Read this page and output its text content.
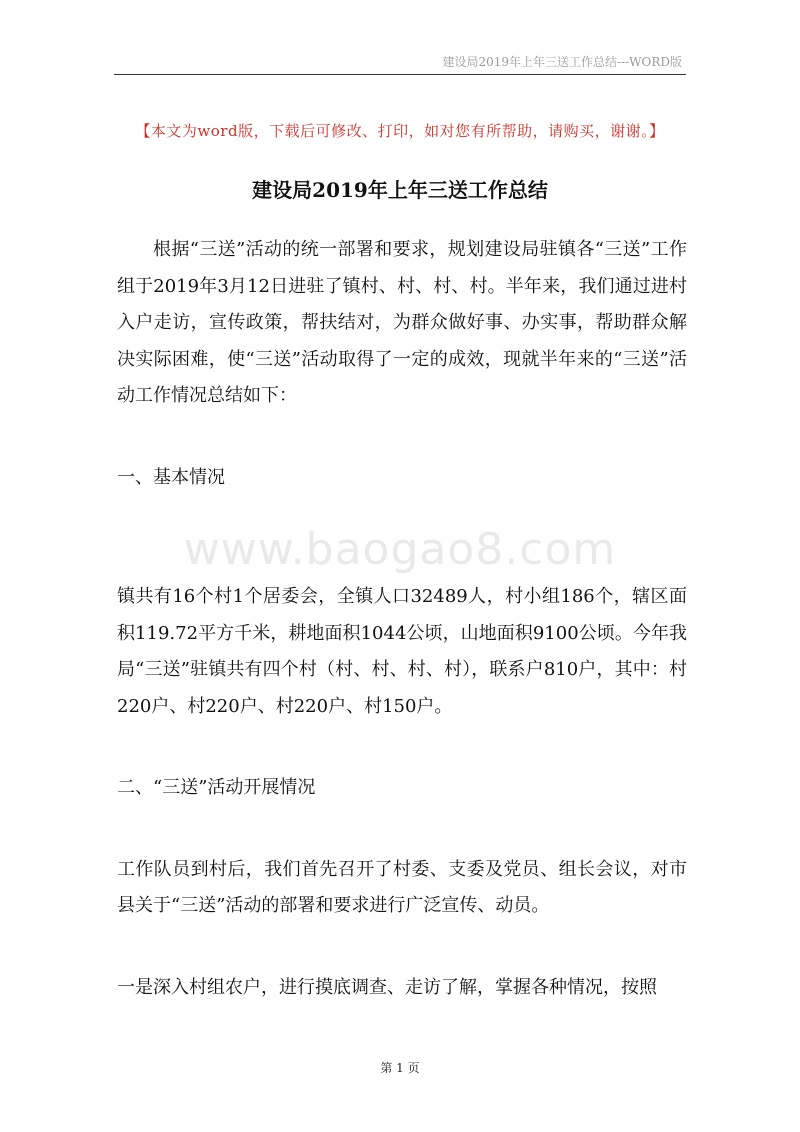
建设局2019年上年三送工作总结---WORD版
【本文为word版，下载后可修改、打印，如对您有所帮助，请购买，谢谢。】
建设局2019年上年三送工作总结
www.baogao8.com

根据“三送”活动的统一部署和要求，规划建设局驻镇各“三送”工作组于2019年3月12日进驻了镇村、村、村、村。半年来，我们通过进村入户走访，宣传政策，帮扶结对，为群众做好事、办实事，帮助群众解决实际困难，使“三送”活动取得了一定的成效，现就半年来的“三送”活动工作情况总结如下：

一、基本情况

镇共有16个村1个居委会，全镇人口32489人，村小组186个，辖区面积119.72平方千米，耕地面积1044公顷，山地面积9100公顷。今年我局“三送”驻镇共有四个村（村、村、村、村），联系户810户，其中：村220户、村220户、村220户、村150户。

二、“三送”活动开展情况

工作队员到村后，我们首先召开了村委、支委及党员、组长会议，对市县关于“三送”活动的部署和要求进行广泛宣传、动员。

一是深入村组农户，进行摸底调查、走访了解，掌握各种情况，按照

第 1 页
